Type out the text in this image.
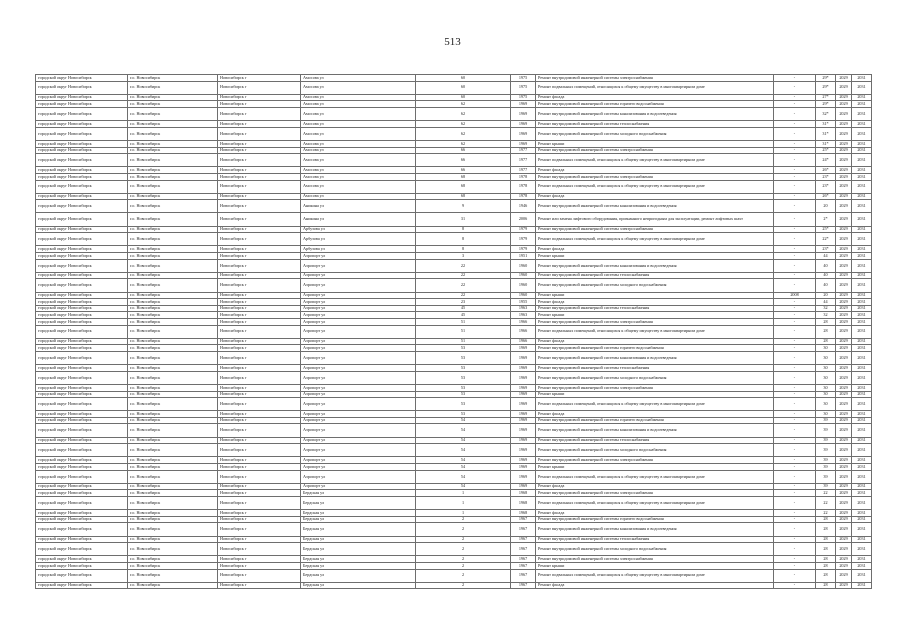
513
городской округ Новосибирск	г.о. Новосибирск	Новосибирск г	Амосова ул	60	1975	Ремонт внутридомовой инженерной системы электроснабжения	-	29*	2029	2031
городской округ Новосибирск	г.о. Новосибирск	Новосибирск г	Амосова ул	60	1975	Ремонт подвальных помещений, относящихся к общему имуществу в многоквартирном доме	-	29*	2029	2031
городской округ Новосибирск	г.о. Новосибирск	Новосибирск г	Амосова ул	60	1975	Ремонт фасада	-	27*	2029	2031
городской округ Новосибирск	г.о. Новосибирск	Новосибирск г	Амосова ул	62	1969	Ремонт внутридомовой инженерной системы горячего водоснабжения	-	29*	2029	2031
городской округ Новосибирск	г.о. Новосибирск	Новосибирск г	Амосова ул	62	1969	Ремонт внутридомовой инженерной системы канализования и водоотведения	-	32*	2029	2031
городской округ Новосибирск	г.о. Новосибирск	Новосибирск г	Амосова ул	62	1969	Ремонт внутридомовой инженерной системы теплоснабжения	-	31*	2029	2031
городской округ Новосибирск	г.о. Новосибирск	Новосибирск г	Амосова ул	62	1969	Ремонт внутридомовой инженерной системы холодного водоснабжения	-	31*	2029	2031
городской округ Новосибирск	г.о. Новосибирск	Новосибирск г	Амосова ул	62	1969	Ремонт крыши	-	31*	2029	2031
городской округ Новосибирск	г.о. Новосибирск	Новосибирск г	Амосова ул	66	1977	Ремонт внутридомовой инженерной системы электроснабжения	-	25*	2029	2031
городской округ Новосибирск	г.о. Новосибирск	Новосибирск г	Амосова ул	66	1977	Ремонт подвальных помещений, относящихся к общему имуществу в многоквартирном доме	-	24*	2029	2031
городской округ Новосибирск	г.о. Новосибирск	Новосибирск г	Амосова ул	66	1977	Ремонт фасада	-	26*	2029	2031
городской округ Новосибирск	г.о. Новосибирск	Новосибирск г	Амосова ул	68	1978	Ремонт внутридомовой инженерной системы электроснабжения	-	23*	2029	2031
городской округ Новосибирск	г.о. Новосибирск	Новосибирск г	Амосова ул	68	1978	Ремонт подвальных помещений, относящихся к общему имуществу в многоквартирном доме	-	23*	2029	2031
городской округ Новосибирск	г.о. Новосибирск	Новосибирск г	Амосова ул	68	1978	Ремонт фасада	-	26*	2029	2031
городской округ Новосибирск	г.о. Новосибирск	Новосибирск г	Аникина ул	9	1946	Ремонт внутридомовой инженерной системы канализования и водоотведения	-	20	2029	2031
городской округ Новосибирск	г.о. Новосибирск	Новосибирск г	Аникина ул	31	2006	Ремонт или замена лифтового оборудования, признанного непригодным для эксплуатации, ремонт лифтовых шахт	-	2*	2029	2031
городской округ Новосибирск	г.о. Новосибирск	Новосибирск г	Арбузова ул	8	1979	Ремонт внутридомовой инженерной системы электроснабжения	-	25*	2029	2031
городской округ Новосибирск	г.о. Новосибирск	Новосибирск г	Арбузова ул	8	1979	Ремонт подвальных помещений, относящихся к общему имуществу в многоквартирном доме	-	22*	2029	2031
городской округ Новосибирск	г.о. Новосибирск	Новосибирск г	Арбузова ул	8	1979	Ремонт фасада	-	23*	2029	2031
городской округ Новосибирск	г.о. Новосибирск	Новосибирск г	Аэропорт ул	3	1951	Ремонт крыши	-	44	2029	2031
городской округ Новосибирск	г.о. Новосибирск	Новосибирск г	Аэропорт ул	22	1960	Ремонт внутридомовой инженерной системы канализования и водоотведения	-	40	2029	2031
городской округ Новосибирск	г.о. Новосибирск	Новосибирск г	Аэропорт ул	22	1960	Ремонт внутридомовой инженерной системы теплоснабжения	-	40	2029	2031
городской округ Новосибирск	г.о. Новосибирск	Новосибирск г	Аэропорт ул	22	1960	Ремонт внутридомовой инженерной системы холодного водоснабжения	-	40	2029	2031
городской округ Новосибирск	г.о. Новосибирск	Новосибирск г	Аэропорт ул	22	1960	Ремонт крыши	2008	20	2029	2031
городской округ Новосибирск	г.о. Новосибирск	Новосибирск г	Аэропорт ул	23	1955	Ремонт фасада	-	44	2029	2031
городской округ Новосибирск	г.о. Новосибирск	Новосибирск г	Аэропорт ул	45	1963	Ремонт внутридомовой инженерной системы теплоснабжения	-	32	2029	2031
городской округ Новосибирск	г.о. Новосибирск	Новосибирск г	Аэропорт ул	45	1963	Ремонт крыши	-	32	2029	2031
городской округ Новосибирск	г.о. Новосибирск	Новосибирск г	Аэропорт ул	51	1966	Ремонт внутридомовой инженерной системы электроснабжения	-	28	2029	2031
городской округ Новосибирск	г.о. Новосибирск	Новосибирск г	Аэропорт ул	51	1966	Ремонт подвальных помещений, относящихся к общему имуществу в многоквартирном доме	-	28	2029	2031
городской округ Новосибирск	г.о. Новосибирск	Новосибирск г	Аэропорт ул	51	1966	Ремонт фасада	-	28	2029	2031
городской округ Новосибирск	г.о. Новосибирск	Новосибирск г	Аэропорт ул	53	1969	Ремонт внутридомовой инженерной системы горячего водоснабжения	-	30	2029	2031
городской округ Новосибирск	г.о. Новосибирск	Новосибирск г	Аэропорт ул	53	1969	Ремонт внутридомовой инженерной системы канализования и водоотведения	-	30	2029	2031
городской округ Новосибирск	г.о. Новосибирск	Новосибирск г	Аэропорт ул	53	1969	Ремонт внутридомовой инженерной системы теплоснабжения	-	30	2029	2031
городской округ Новосибирск	г.о. Новосибирск	Новосибирск г	Аэропорт ул	53	1969	Ремонт внутридомовой инженерной системы холодного водоснабжения	-	30	2029	2031
городской округ Новосибирск	г.о. Новосибирск	Новосибирск г	Аэропорт ул	53	1969	Ремонт внутридомовой инженерной системы электроснабжения	-	30	2029	2031
городской округ Новосибирск	г.о. Новосибирск	Новосибирск г	Аэропорт ул	53	1969	Ремонт крыши	-	30	2029	2031
городской округ Новосибирск	г.о. Новосибирск	Новосибирск г	Аэропорт ул	53	1969	Ремонт подвальных помещений, относящихся к общему имуществу в многоквартирном доме	-	30	2029	2031
городской округ Новосибирск	г.о. Новосибирск	Новосибирск г	Аэропорт ул	53	1969	Ремонт фасада	-	30	2029	2031
городской округ Новосибирск	г.о. Новосибирск	Новосибирск г	Аэропорт ул	54	1969	Ремонт внутридомовой инженерной системы горячего водоснабжения	-	39	2029	2031
городской округ Новосибирск	г.о. Новосибирск	Новосибирск г	Аэропорт ул	54	1969	Ремонт внутридомовой инженерной системы канализования и водоотведения	-	39	2029	2031
городской округ Новосибирск	г.о. Новосибирск	Новосибирск г	Аэропорт ул	54	1969	Ремонт внутридомовой инженерной системы теплоснабжения	-	39	2029	2031
городской округ Новосибирск	г.о. Новосибирск	Новосибирск г	Аэропорт ул	54	1969	Ремонт внутридомовой инженерной системы холодного водоснабжения	-	39	2029	2031
городской округ Новосибирск	г.о. Новосибирск	Новосибирск г	Аэропорт ул	54	1969	Ремонт внутридомовой инженерной системы электроснабжения	-	39	2029	2031
городской округ Новосибирск	г.о. Новосибирск	Новосибирск г	Аэропорт ул	54	1969	Ремонт крыши	-	39	2029	2031
городской округ Новосибирск	г.о. Новосибирск	Новосибирск г	Аэропорт ул	54	1969	Ремонт подвальных помещений, относящихся к общему имуществу в многоквартирном доме	-	39	2029	2031
городской округ Новосибирск	г.о. Новосибирск	Новосибирск г	Аэропорт ул	54	1969	Ремонт фасада	-	39	2029	2031
городской округ Новосибирск	г.о. Новосибирск	Новосибирск г	Бердская ул	1	1968	Ремонт внутридомовой инженерной системы электроснабжения	-	22	2029	2031
городской округ Новосибирск	г.о. Новосибирск	Новосибирск г	Бердская ул	1	1968	Ремонт подвальных помещений, относящихся к общему имуществу в многоквартирном доме	-	22	2029	2031
городской округ Новосибирск	г.о. Новосибирск	Новосибирск г	Бердская ул	1	1968	Ремонт фасада	-	22	2029	2031
городской округ Новосибирск	г.о. Новосибирск	Новосибирск г	Бердская ул	2	1967	Ремонт внутридомовой инженерной системы горячего водоснабжения	-	28	2029	2031
городской округ Новосибирск	г.о. Новосибирск	Новосибирск г	Бердская ул	2	1967	Ремонт внутридомовой инженерной системы канализования и водоотведения	-	28	2029	2031
городской округ Новосибирск	г.о. Новосибирск	Новосибирск г	Бердская ул	2	1967	Ремонт внутридомовой инженерной системы теплоснабжения	-	28	2029	2031
городской округ Новосибирск	г.о. Новосибирск	Новосибирск г	Бердская ул	2	1967	Ремонт внутридомовой инженерной системы холодного водоснабжения	-	28	2029	2031
городской округ Новосибирск	г.о. Новосибирск	Новосибирск г	Бердская ул	2	1967	Ремонт внутридомовой инженерной системы электроснабжения	-	28	2029	2031
городской округ Новосибирск	г.о. Новосибирск	Новосибирск г	Бердская ул	2	1967	Ремонт крыши	-	28	2029	2031
городской округ Новосибирск	г.о. Новосибирск	Новосибирск г	Бердская ул	2	1967	Ремонт подвальных помещений, относящихся к общему имуществу в многоквартирном доме	-	28	2029	2031
городской округ Новосибирск	г.о. Новосибирск	Новосибирск г	Бердская ул	2	1967	Ремонт фасада	-	28	2029	2031
